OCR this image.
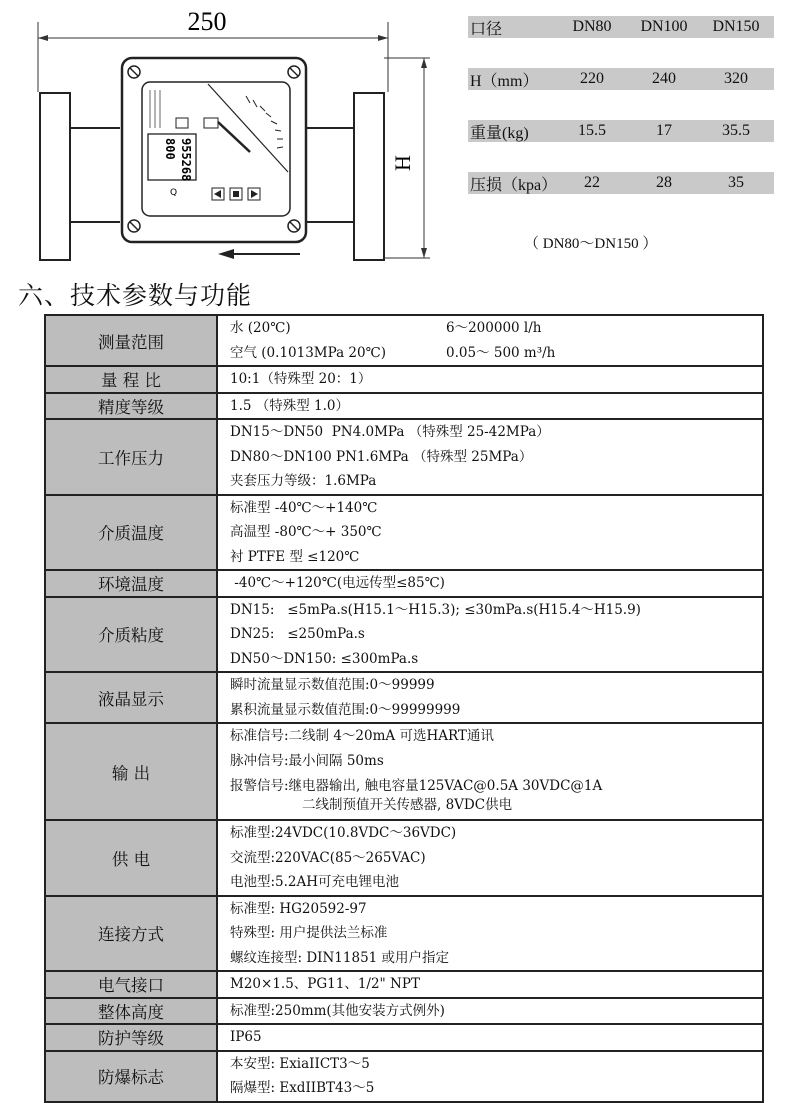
250
H
955268
800
Q
口径	DN80	DN100	DN150
H（mm）	220	240	320
重量(kg)	15.5	17	35.5
压损（kpa）	22	28	35
（ DN80～DN150 ）
六、技术参数与功能
测量范围	水 (20℃) 6～200000 l/h
空气 (0.1013MPa 20℃) 0.05～ 500 m³/h

量 程 比	10:1（特殊型 20：1）

精度等级	1.5 （特殊型 1.0）

工作压力	DN15～DN50  PN4.0MPa （特殊型 25-42MPa）
DN80～DN100 PN1.6MPa （特殊型 25MPa）
夹套压力等级：1.6MPa

介质温度	标准型 -40℃～+140℃
高温型 -80℃～+ 350℃
衬 PTFE 型 ≤120℃

环境温度	-40℃～+120℃(电远传型≤85℃)

介质粘度	DN15:   ≤5mPa.s(H15.1～H15.3); ≤30mPa.s(H15.4～H15.9)
DN25:   ≤250mPa.s
DN50～DN150: ≤300mPa.s

液晶显示	瞬时流量显示数值范围:0～99999
累积流量显示数值范围:0～99999999

输 出	标准信号:二线制 4～20mA 可选HART通讯
脉冲信号:最小间隔 50ms
报警信号:继电器输出, 触电容量125VAC@0.5A 30VDC@1A
二线制预值开关传感器, 8VDC供电

供 电	标准型:24VDC(10.8VDC～36VDC)
交流型:220VAC(85～265VAC)
电池型:5.2AH可充电锂电池

连接方式	标准型: HG20592-97
特殊型: 用户提供法兰标准
螺纹连接型: DIN11851 或用户指定

电气接口	M20×1.5、PG11、1/2" NPT

整体高度	标准型:250mm(其他安装方式例外)

防护等级	IP65

防爆标志	本安型: ExiaIICT3～5
隔爆型: ExdIIBT43～5
